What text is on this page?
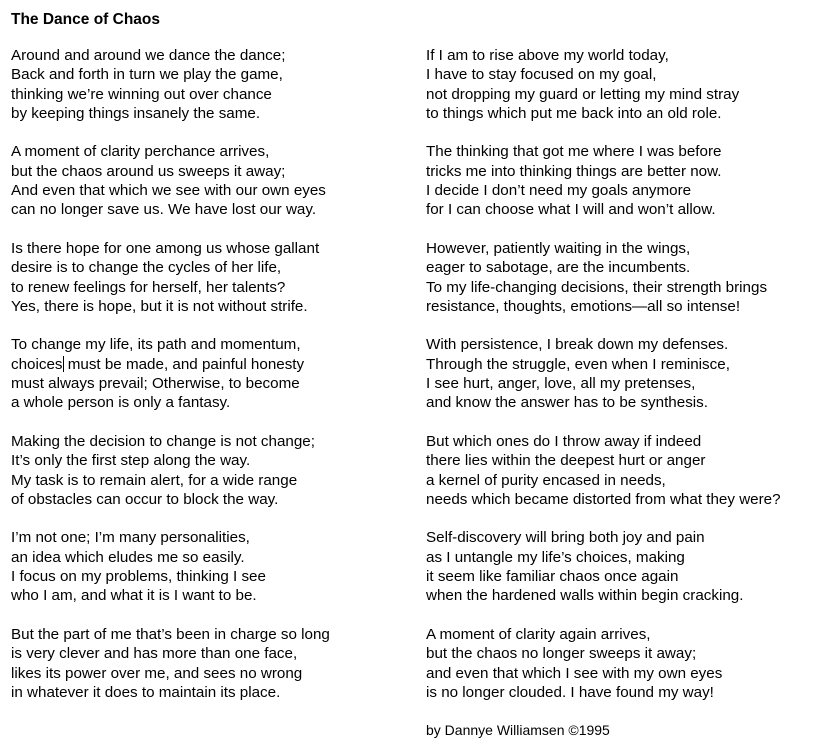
The Dance of Chaos
Around and around we dance the dance;
Back and forth in turn we play the game,
thinking we’re winning out over chance
by keeping things insanely the same.
A moment of clarity perchance arrives,
but the chaos around us sweeps it away;
And even that which we see with our own eyes
can no longer save us. We have lost our way.
Is there hope for one among us whose gallant
desire is to change the cycles of her life,
to renew feelings for herself, her talents?
Yes, there is hope, but it is not without strife.
To change my life, its path and momentum,
choices must be made, and painful honesty
must always prevail; Otherwise, to become
a whole person is only a fantasy.
Making the decision to change is not change;
It’s only the first step along the way.
My task is to remain alert, for a wide range
of obstacles can occur to block the way.
I’m not one; I’m many personalities,
an idea which eludes me so easily.
I focus on my problems, thinking I see
who I am, and what it is I want to be.
But the part of me that’s been in charge so long
is very clever and has more than one face,
likes its power over me, and sees no wrong
in whatever it does to maintain its place.
If I am to rise above my world today,
I have to stay focused on my goal,
not dropping my guard or letting my mind stray
to things which put me back into an old role.
The thinking that got me where I was before
tricks me into thinking things are better now.
I decide I don’t need my goals anymore
for I can choose what I will and won’t allow.
However, patiently waiting in the wings,
eager to sabotage, are the incumbents.
To my life-changing decisions, their strength brings
resistance, thoughts, emotions—all so intense!
With persistence, I break down my defenses.
Through the struggle, even when I reminisce,
I see hurt, anger, love, all my pretenses,
and know the answer has to be synthesis.
But which ones do I throw away if indeed
there lies within the deepest hurt or anger
a kernel of purity encased in needs,
needs which became distorted from what they were?
Self-discovery will bring both joy and pain
as I untangle my life’s choices, making
it seem like familiar chaos once again
when the hardened walls within begin cracking.
A moment of clarity again arrives,
but the chaos no longer sweeps it away;
and even that which I see with my own eyes
is no longer clouded. I have found my way!
by Dannye Williamsen ©1995
